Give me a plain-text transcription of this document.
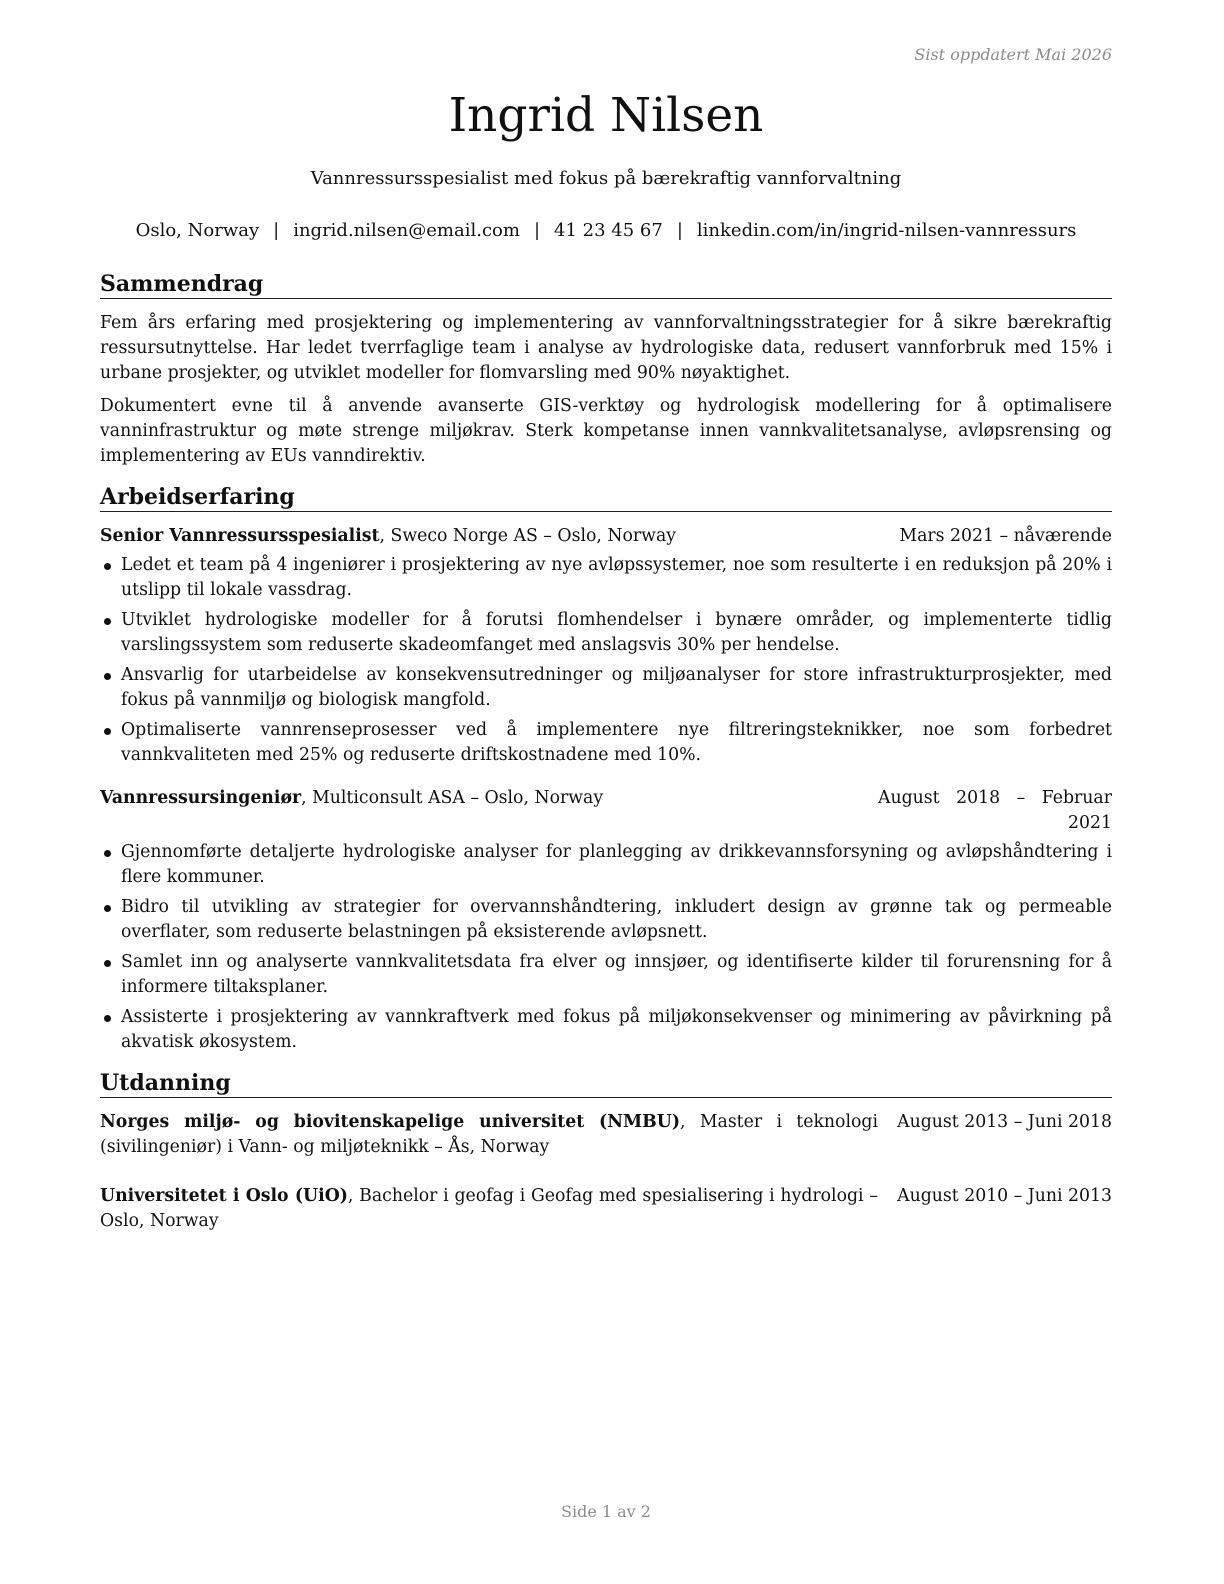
Sist oppdatert Mai 2026
Ingrid Nilsen
Vannressursspesialist med fokus på bærekraftig vannforvaltning
Oslo, Norway | ingrid.nilsen@email.com | 41 23 45 67 | linkedin.com/in/ingrid-nilsen-vannressurs
Sammendrag

Fem års erfaring med prosjektering og implementering av vannforvaltningsstrategier for å sikre bærekraftig ressursutnyttelse. Har ledet tverrfaglige team i analyse av hydrologiske data, redusert vannforbruk med 15% i urbane prosjekter, og utviklet modeller for flomvarsling med 90% nøyaktighet.

Dokumentert evne til å anvende avanserte GIS-verktøy og hydrologisk modellering for å optimalisere vanninfrastruktur og møte strenge miljøkrav. Sterk kompetanse innen vannkvalitetsanalyse, avløpsrensing og implementering av EUs vanndirektiv.

Arbeidserfaring
Senior Vannressursspesialist, Sweco Norge AS – Oslo, Norway	Mars 2021 – nåværende
Ledet et team på 4 ingeniører i prosjektering av nye avløpssystemer, noe som resulterte i en reduksjon på 20% i utslipp til lokale vassdrag.
Utviklet hydrologiske modeller for å forutsi flomhendelser i bynære områder, og implementerte tidlig varslingssystem som reduserte skadeomfanget med anslagsvis 30% per hendelse.
Ansvarlig for utarbeidelse av konsekvensutredninger og miljøanalyser for store infrastrukturprosjekter, med fokus på vannmiljø og biologisk mangfold.
Optimaliserte vannrenseprosesser ved å implementere nye filtreringsteknikker, noe som forbedret vannkvaliteten med 25% og reduserte driftskostnadene med 10%.
Vannressursingeniør, Multiconsult ASA – Oslo, Norway	August 2018 – Februar 2021
Gjennomførte detaljerte hydrologiske analyser for planlegging av drikkevannsforsyning og avløpshåndtering i flere kommuner.
Bidro til utvikling av strategier for overvannshåndtering, inkludert design av grønne tak og permeable overflater, som reduserte belastningen på eksisterende avløpsnett.
Samlet inn og analyserte vannkvalitetsdata fra elver og innsjøer, og identifiserte kilder til forurensning for å informere tiltaksplaner.
Assisterte i prosjektering av vannkraftverk med fokus på miljøkonsekvenser og minimering av påvirkning på akvatisk økosystem.
Utdanning
Norges miljø- og biovitenskapelige universitet (NMBU), Master i teknologi (sivilingeniør) i Vann- og miljøteknikk – Ås, Norway
August 2013 – Juni 2018
Universitetet i Oslo (UiO), Bachelor i geofag i Geofag med spesialisering i hydrologi – Oslo, Norway
August 2010 – Juni 2013
Side 1 av 2
